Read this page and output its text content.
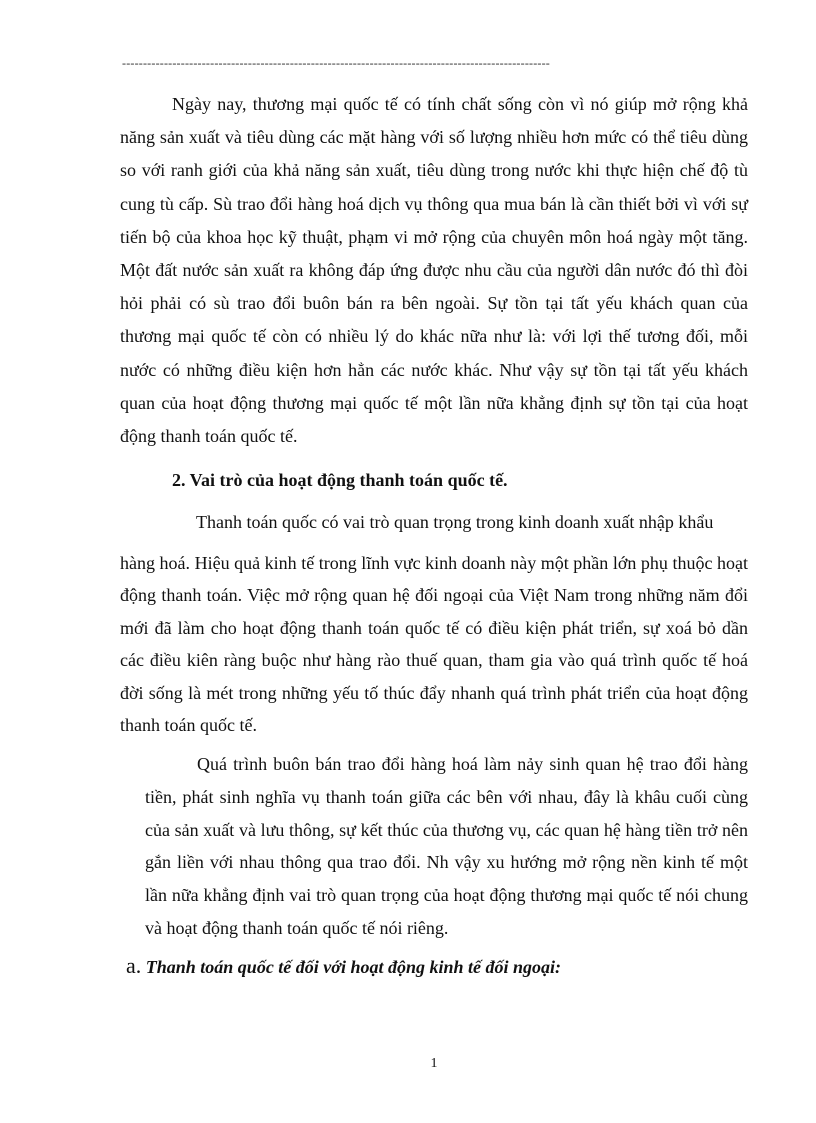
------------------------------------------------------------------------------------------------------

Ngày nay, thương mại quốc tế có tính chất sống còn vì nó giúp mở rộng khả năng sản xuất và tiêu dùng các mặt hàng với số lượng nhiều hơn mức có thể tiêu dùng so với ranh giới của khả năng sản xuất, tiêu dùng trong nước khi thực hiện chế độ tù cung tù cấp. Sù trao đổi hàng hoá dịch vụ thông qua mua bán là cần thiết bởi vì với sự tiến bộ của khoa học kỹ thuật, phạm vi mở rộng của chuyên môn hoá ngày một tăng. Một đất nước sản xuất ra không đáp ứng được nhu cầu của người dân nước đó thì đòi hỏi phải có sù trao đổi buôn bán ra bên ngoài. Sự tồn tại tất yếu khách quan của thương mại quốc tế còn có nhiều lý do khác nữa như là: với lợi thế tương đối, mỗi nước có những điều kiện hơn hẳn các nước khác. Như vậy sự tồn tại tất yếu khách quan của hoạt động thương mại quốc tế một lần nữa khẳng định sự tồn tại của hoạt động thanh toán quốc tế.

2. Vai trò của hoạt động thanh toán quốc tế.

Thanh toán quốc có vai trò quan trọng trong kinh doanh xuất nhập khẩu

hàng hoá. Hiệu quả kinh tế trong lĩnh vực kinh doanh này một phần lớn phụ thuộc hoạt động thanh toán. Việc mở rộng quan hệ đối ngoại của Việt Nam trong những năm đổi mới đã làm cho hoạt động thanh toán quốc tế có điều kiện phát triển, sự xoá bỏ dần các điều kiên ràng buộc như hàng rào thuế quan, tham gia vào quá trình quốc tế hoá đời sống là mét trong những yếu tố thúc đẩy nhanh quá trình phát triển của hoạt động thanh toán quốc tế.

Quá trình buôn bán trao đổi hàng hoá làm nảy sinh quan hệ trao đổi hàng tiền, phát sinh nghĩa vụ thanh toán giữa các bên với nhau, đây là khâu cuối cùng của sản xuất và lưu thông, sự kết thúc của thương vụ, các quan hệ hàng tiền trở nên gắn liền với nhau thông qua trao đổi. Nh vậy xu hướng mở rộng nền kinh tế một lần nữa khẳng định vai trò quan trọng của hoạt động thương mại quốc tế nói chung và hoạt động thanh toán quốc tế nói riêng.

a. Thanh toán quốc tế đối với hoạt động kinh tế đối ngoại:

1
